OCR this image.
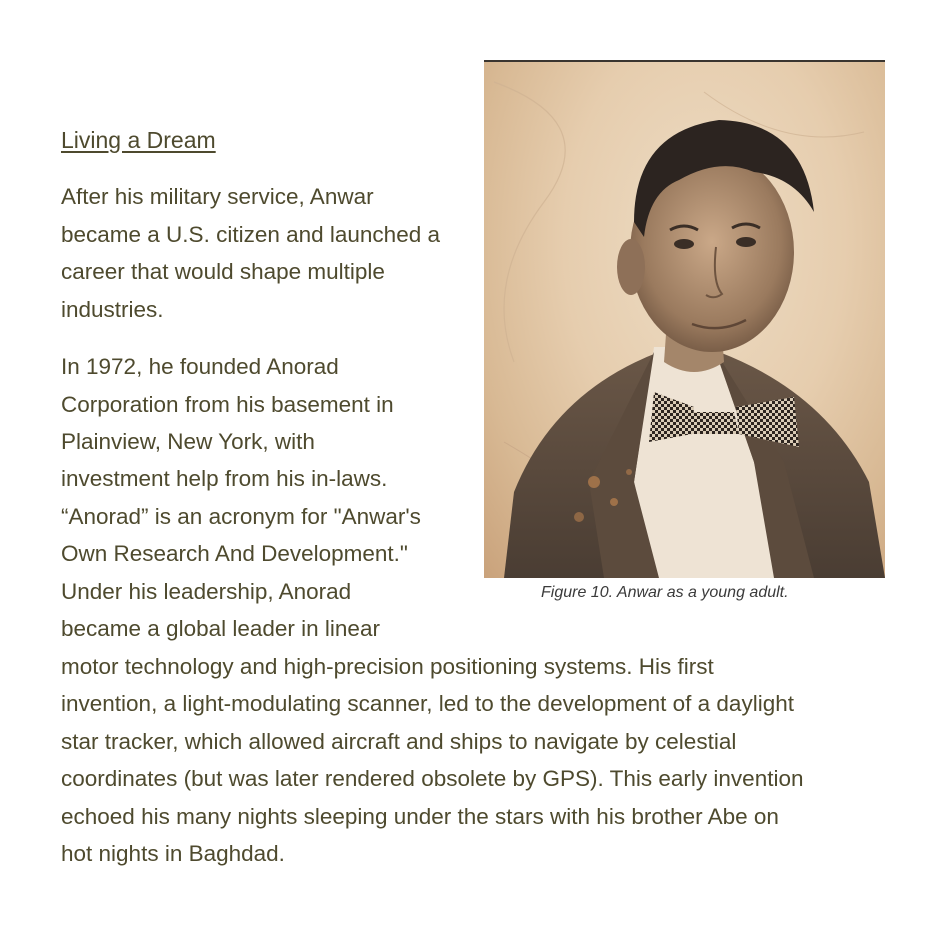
Living a Dream

After his military service, Anwar

became a U.S. citizen and launched a

career that would shape multiple

industries.

In 1972, he founded Anorad

Corporation from his basement in

Plainview, New York, with

investment help from his in-laws.

“Anorad” is an acronym for "Anwar's

Own Research And Development."

Under his leadership, Anorad

became a global leader in linear

motor technology and high-precision positioning systems. His first

invention, a light-modulating scanner, led to the development of a daylight

star tracker, which allowed aircraft and ships to navigate by celestial

coordinates (but was later rendered obsolete by GPS). This early invention

echoed his many nights sleeping under the stars with his brother Abe on

hot nights in Baghdad.

Figure 10. Anwar as a young adult.
